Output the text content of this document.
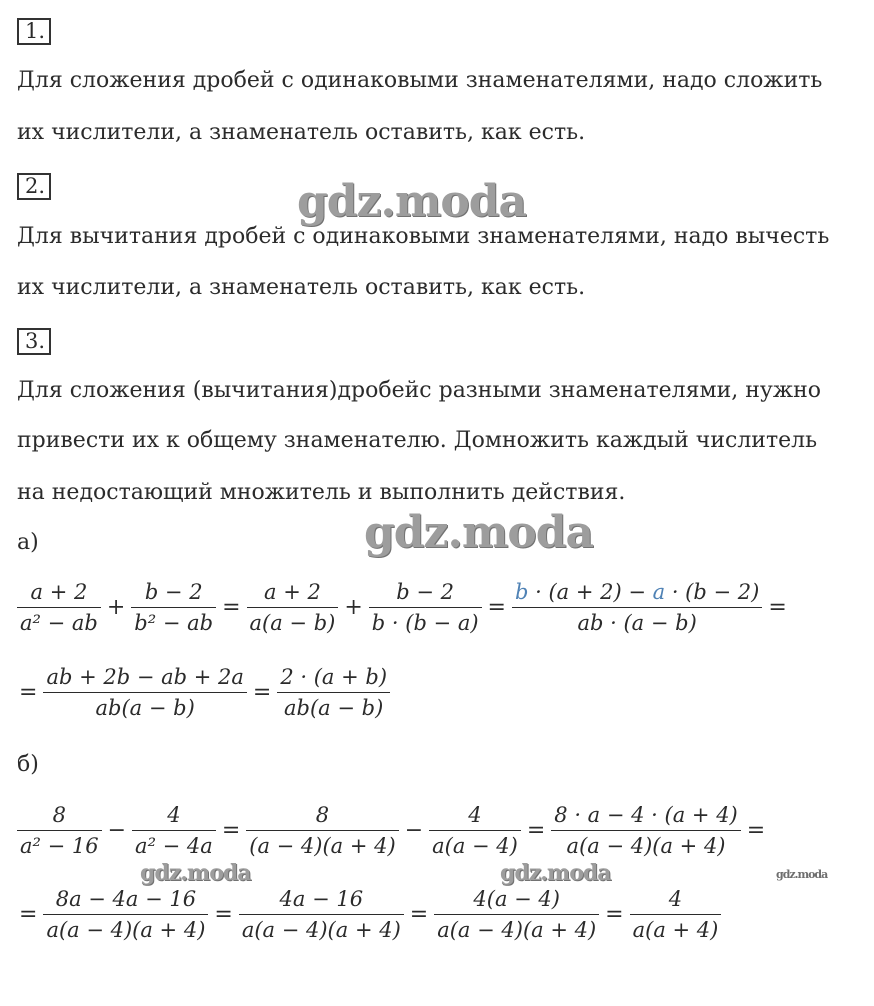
1.
Для сложения дробей с одинаковыми знаменателями, надо сложить
их числители, а знаменатель оставить, как есть.
2.	gdz.moda
Для вычитания дробей с одинаковыми знаменателями, надо вычесть
их числители, а знаменатель оставить, как есть.
3.
Для сложения (вычитания)дробейс разными знаменателями, нужно
привести их к общему знаменателю. Домножить каждый числитель
на недостающий множитель и выполнить действия.
а)	gdz.moda
$\frac{a + 2}{\text{a² − ab}} + \frac{b - 2}{\text{b² − ab}} = \frac{a + 2}{a(a - b)} + \frac{b - 2}{b \cdot (b - a)} = \frac{b \cdot (a + 2) - a \cdot (b - 2)}{ab \cdot (a - b)}$ =
= $\frac{ab + 2b - ab + 2a}{ab(a - b)} = \frac{2 \cdot (a + b)}{ab(a - b)}$
б)
$\frac{8}{\text{a² − 16}} - \frac{4}{\text{a² − 4a}} = \frac{8}{(a - 4)(a + 4)} - \frac{4}{a(a - 4)} = \frac{8 \cdot a - 4 \cdot (a + 4)}{a(a - 4)(a + 4)}$ =
gdz.moda	gdz.moda	gdz.moda
= $\frac{8a - 4a - 16}{a(a - 4)(a + 4)} = \frac{4a - 16}{a(a - 4)(a + 4)} = \frac{4(a - 4)}{a(a - 4)(a + 4)} = \frac{4}{a(a + 4)}$
